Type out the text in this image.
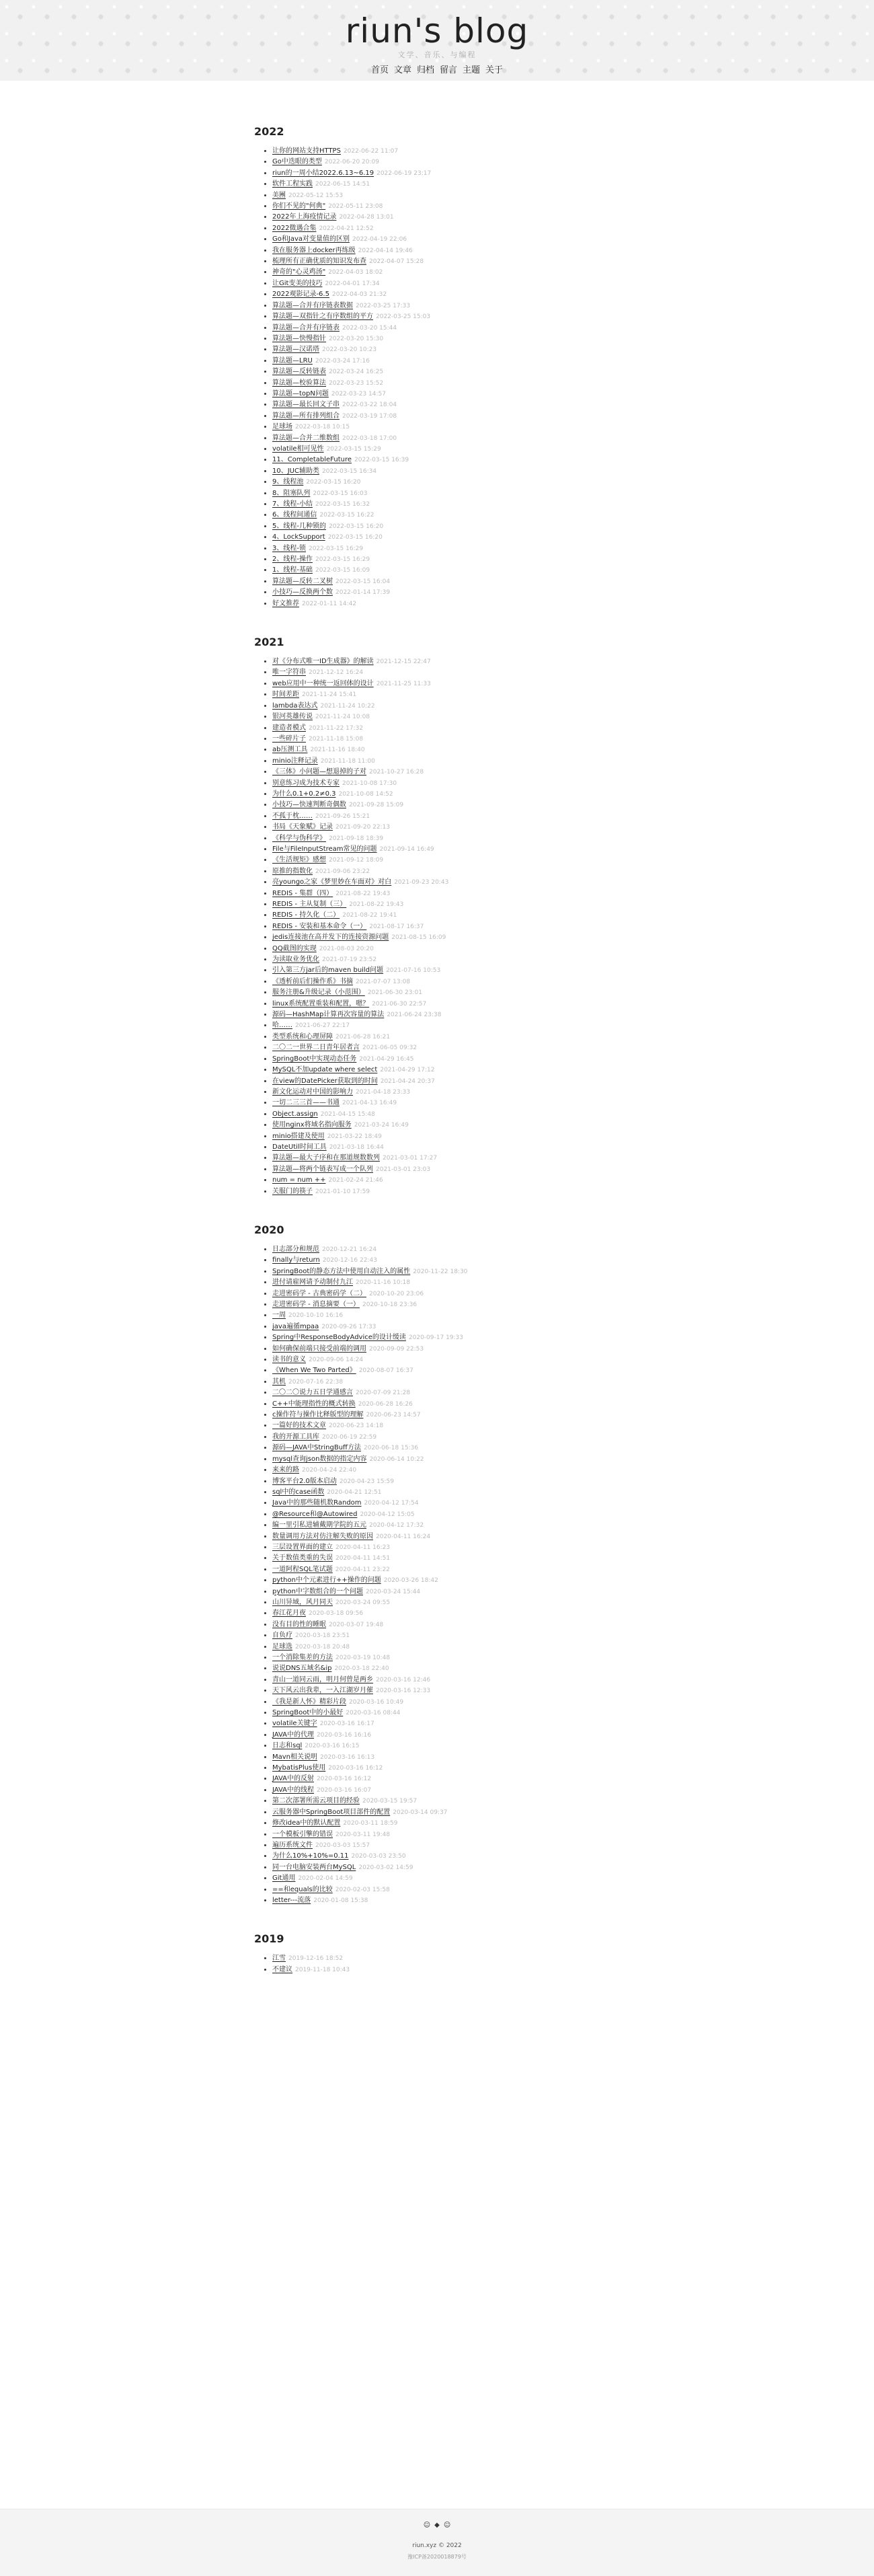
riun's blog
文学、音乐、与编程
首页 文章 归档 留言 主题 关于
2022
• 让你的网站支持HTTPS 2022-06-22 11:07
• Go中迭眼的类型 2022-06-20 20:09
• riun的一周小结2022.6.13~6.19 2022-06-19 23:17
• 软件工程实践 2022-06-15 14:51
• 美團 2022-05-12 15:53
• 你们不见的"何典" 2022-05-11 23:08
• 2022年上海疫情记录 2022-04-28 13:01
• 2022微遇合集 2022-04-21 12:52
• Go和Java对变量值的区别 2022-04-19 22:06
• 我在服务器上docker再练级 2022-04-14 19:46
• 梳理所有正确优质的知识发布查 2022-04-07 15:28
• 神奇的"心灵鸡汤" 2022-04-03 18:02
• 让Git变美的技巧 2022-04-01 17:34
• 2022观影记录-6.5 2022-04-03 21:32
• 算法题—合并有序链表数据 2022-03-25 17:33
• 算法题—双指针之有序数组的平方 2022-03-25 15:03
• 算法题—合并有序链表 2022-03-20 15:44
• 算法题—快慢指针 2022-03-20 15:30
• 算法题—汉诺塔 2022-03-20 10:23
• 算法题—LRU 2022-03-24 17:16
• 算法题—反转链表 2022-03-24 16:25
• 算法题—校验算法 2022-03-23 15:52
• 算法题—topN问题 2022-03-23 14:57
• 算法题—最长回文子串 2022-03-22 18:04
• 算法题—所有排列组合 2022-03-19 17:08
• 足球场 2022-03-18 10:15
• 算法题—合并二维数组 2022-03-18 17:00
• volatile相可见性 2022-03-15 15:29
• 11、CompletableFuture 2022-03-15 16:39
• 10、JUC辅助类 2022-03-15 16:34
• 9、线程池 2022-03-15 16:20
• 8、阻塞队列 2022-03-15 16:03
• 7、线程-小结 2022-03-15 16:32
• 6、线程间通信 2022-03-15 16:22
• 5、线程-几种锁的 2022-03-15 16:20
• 4、LockSupport 2022-03-15 16:20
• 3、线程-锁 2022-03-15 16:29
• 2、线程-操作 2022-03-15 16:29
• 1、线程-基础 2022-03-15 16:09
• 算法题—反转二叉树 2022-03-15 16:04
• 小技巧—反换两个数 2022-01-14 17:39
• 好文推荐 2022-01-11 14:42
2021
• 对《分布式唯一ID生成器》的解读 2021-12-15 22:47
• 唯一字符串 2021-12-12 16:24
• web应用中一种统一返回体的设计 2021-11-25 11:33
• 时间差距 2021-11-24 15:41
• lambda表达式 2021-11-24 10:22
• 银河英雄传说 2021-11-24 10:08
• 建造者模式 2021-11-22 17:32
• 一些碎片子 2021-11-18 15:08
• ab压测工具 2021-11-16 18:40
• minio注释记录 2021-11-18 11:00
• 《三体》小问题—想退掉的子对 2021-10-27 16:28
• 别意练习成为技术专家 2021-10-08 17:30
• 为什么0.1+0.2≠0.3 2021-10-08 14:52
• 小技巧—快速判断奇偶数 2021-09-28 15:09
• 不孤于枕…… 2021-09-26 15:21
• 书局《天象赋》记录 2021-09-20 22:13
• 《科学与伪科学》 2021-09-18 18:39
• File与FileInputStream常见的问题 2021-09-14 16:49
• 《生活规矩》感想 2021-09-12 18:09
• 原推的指数化 2021-09-06 23:22
• 亮youngo之家《梦里妙在车面对》对白 2021-09-23 20:43
• REDIS - 集群（四） 2021-08-22 19:43
• REDIS - 主从复制（三） 2021-08-22 19:43
• REDIS - 持久化（二） 2021-08-22 19:41
• REDIS - 安装和基本命令（一） 2021-08-17 16:37
• jedis连接池在高并发下的连接资源问题 2021-08-15 16:09
• QQ截图的实现 2021-08-03 20:20
• 为读取业务优化 2021-07-19 23:52
• 引入第三方jar后的maven build问题 2021-07-16 10:53
• 《透析前后们操作系》书摘 2021-07-07 13:08
• 服务注册&升级记录（小范围） 2021-06-30 23:01
• linux系统配置重装和配置，嗯？ 2021-06-30 22:57
• 源码—HashMap计算再次容量的算法 2021-06-24 23:38
• 哈…… 2021-06-27 22:17
• 类型系统和心理屏障 2021-06-28 16:21
• 二〇二一世界二日青年居者言 2021-06-05 09:32
• SpringBoot中实现动态任务 2021-04-29 16:45
• MySQL不加update where select 2021-04-29 17:12
• 在view的DatePicker获取到的时间 2021-04-24 20:37
• 新文化运动对中国的影响力 2021-04-18 23:33
• 一切二三三首——书通 2021-04-13 16:49
• Object.assign 2021-04-15 15:48
• 使用nginx将域名指向服务 2021-03-24 16:49
• minio搭建及使用 2021-03-22 18:49
• DateUtil时间工具 2021-03-18 16:44
• 算法题—最大子序和在那道规数数列 2021-03-01 17:27
• 算法题—将两个链表写成一个队列 2021-03-01 23:03
• num = num ++ 2021-02-24 21:46
• 关服门的筷子 2021-01-10 17:59
2020
• 日志部分和规范 2020-12-21 16:24
• finally与return 2020-12-16 22:43
• SpringBoot的静态方法中使用自动注入的属性 2020-11-22 18:30
• 进付请雇网请予动制付九江 2020-11-16 10:18
• 走进密码学 - 古典密码学（二） 2020-10-20 23:06
• 走进密码学 - 消息摘要（一） 2020-10-18 23:36
• 一周 2020-10-10 16:16
• java遍循mpaa 2020-09-26 17:33
• Spring中ResponseBodyAdvice的设计缓读 2020-09-17 19:33
• 如何确保前端只接受前端的调用 2020-09-09 22:53
• 读书的意义 2020-09-06 14:24
• 《When We Two Parted》 2020-08-07 16:37
• 其机 2020-07-16 22:38
• 二〇二〇说力五日学通感言 2020-07-09 21:28
• C++中能理指性的概式转换 2020-06-28 16:26
• c操作符与操作比释版型的理解 2020-06-23 14:57
• 一篇好的技术文章 2020-06-23 14:18
• 我的开源工具库 2020-06-19 22:59
• 源码—JAVA中StringBuff方法 2020-06-18 15:36
• mysql查询json数据的指定内容 2020-06-14 10:22
• 来来的路 2020-04-24 22:40
• 博客平台2.0版本启动 2020-04-23 15:59
• sql中的case函数 2020-04-21 12:51
• Java中的那些随机数Random 2020-04-12 17:54
• @Resource和@Autowired 2020-04-12 15:05
• 编一里引私进辅戴期学院的五元 2020-04-12 17:32
• 数量调用方法对仿注解失败的原因 2020-04-11 16:24
• 三层设置界面的建立 2020-04-11 16:23
• 关于数值类重的失误 2020-04-11 14:51
• 一道阿程SQL笔试题 2020-04-11 23:22
• python中个元素进行++操作的问题 2020-03-26 18:42
• python中字数组合的一个问题 2020-03-24 15:44
• 山川异域，风月同天 2020-03-24 09:55
• 春江花月夜 2020-03-18 09:56
• 没有目的性的睡眠 2020-03-07 19:48
• 自负疗 2020-03-18 23:51
• 足球选 2020-03-18 20:48
• 一个消除集差的方法 2020-03-19 10:48
• 说说DNS五域名&ip 2020-03-18 22:40
• 青山一道同云雨，明月何曾是两乡 2020-03-16 12:46
• 天下风云出我辈，一入江湖岁月催 2020-03-16 12:33
• 《我是新人怀》精彩片段 2020-03-16 10:49
• SpringBoot中的小最好 2020-03-16 08:44
• volatile关键字 2020-03-16 16:17
• JAVA中的代理 2020-03-16 16:16
• 日志和sql 2020-03-16 16:15
• Mavn相关说明 2020-03-16 16:13
• MybatisPlus使用 2020-03-16 16:12
• JAVA中的反射 2020-03-16 16:12
• JAVA中的线程 2020-03-16 16:07
• 第二次部署所需云项目的经验 2020-03-15 19:57
• 云服务器中SpringBoot项目部件的配置 2020-03-14 09:37
• 修改idea中的默认配置 2020-03-11 18:59
• 一个模板引擎的错误 2020-03-11 19:48
• 遍历系统文件 2020-03-03 15:57
• 为什么10%+10%=0.11 2020-03-03 23:50
• 同一台电脑安装两台MySQL 2020-03-02 14:59
• Git通用 2020-02-04 14:59
• ==和equals的比较 2020-02-03 15:58
• letter---流落 2020-01-08 15:38
2019
• 江雪 2019-12-16 18:52
• 不建议 2019-11-18 10:43
☺ ◆ ☺
riun.xyz © 2022
豫ICP备2020018879号
